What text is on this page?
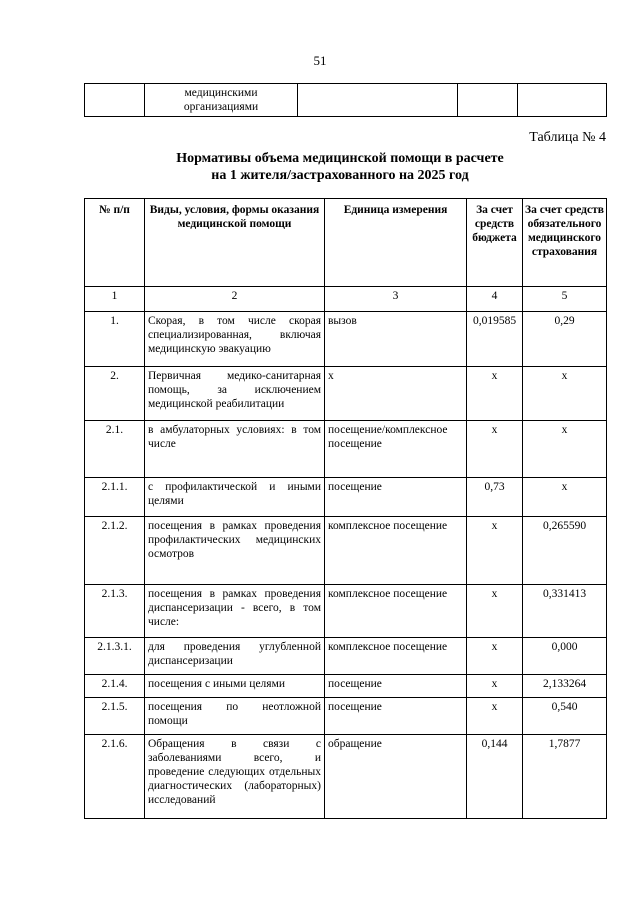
51
	медицинскими организациями			
Таблица № 4
Нормативы объема медицинской помощи в расчете
на 1 жителя/застрахованного на 2025 год
№ п/п	Виды, условия, формы оказания медицинской помощи	Единица измерения	За счет средств бюджета	За счет средств обязательного медицинского страхования
1	2	3	4	5
1.	Скорая, в том числе скорая специализированная, включая медицинскую эвакуацию	вызов	0,019585	0,29
2.	Первичная медико-санитарная помощь, за исключением медицинской реабилитации	х	х	х
2.1.	в амбулаторных условиях: в том числе	посещение/комплексное посещение	х	х
2.1.1.	с профилактической и иными целями	посещение	0,73	х
2.1.2.	посещения в рамках проведения профилактических медицинских осмотров	комплексное посещение	х	0,265590
2.1.3.	посещения в рамках проведения диспансеризации - всего, в том числе:	комплексное посещение	х	0,331413
2.1.3.1.	для проведения углубленной диспансеризации	комплексное посещение	х	0,000
2.1.4.	посещения с иными целями	посещение	х	2,133264
2.1.5.	посещения по неотложной помощи	посещение	х	0,540
2.1.6.	Обращения в связи с заболеваниями всего, и проведение следующих отдельных диагностических (лабораторных) исследований	обращение	0,144	1,7877
